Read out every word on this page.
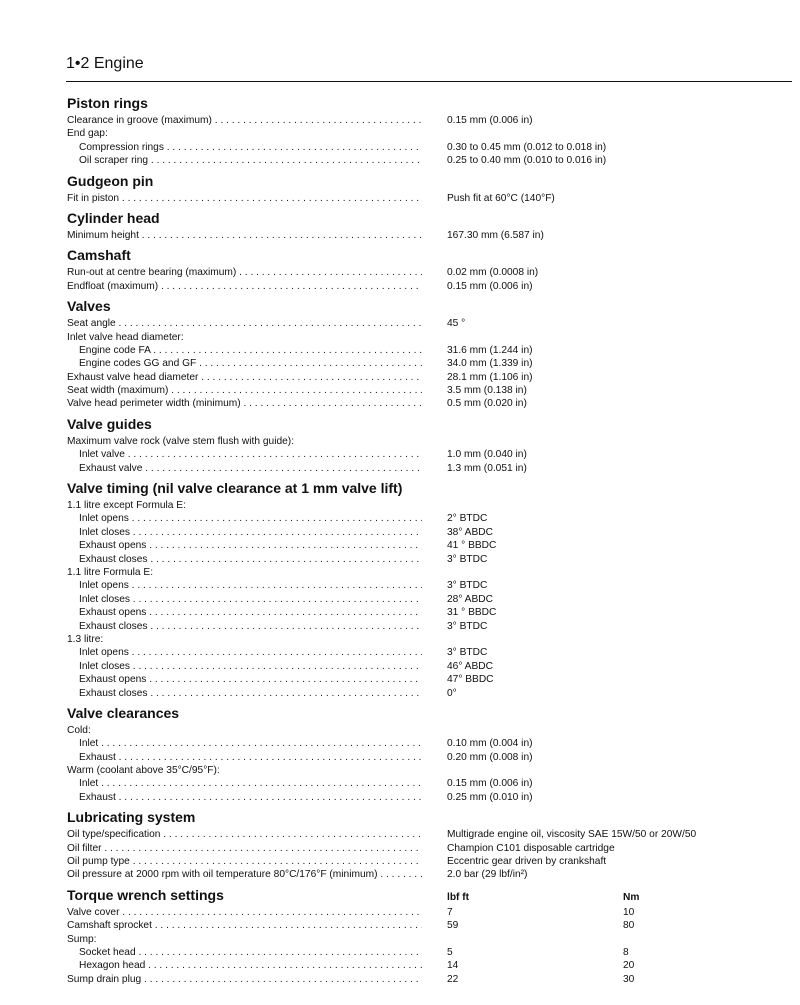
1•2 Engine
Piston rings
Clearance in groove (maximum) . . .	0.15 mm (0.006 in)
End gap:
Compression rings . . .	0.30 to 0.45 mm (0.012 to 0.018 in)
Oil scraper ring . . .	0.25 to 0.40 mm (0.010 to 0.016 in)
Gudgeon pin
Fit in piston . . .	Push fit at 60°C (140°F)
Cylinder head
Minimum height . . .	167.30 mm (6.587 in)
Camshaft
Run-out at centre bearing (maximum) . . .	0.02 mm (0.0008 in)
Endfloat (maximum) . . .	0.15 mm (0.006 in)
Valves
Seat angle . . .	45 °
Inlet valve head diameter:
Engine code FA . . .	31.6 mm (1.244 in)
Engine codes GG and GF . . .	34.0 mm (1.339 in)
Exhaust valve head diameter . . .	28.1 mm (1.106 in)
Seat width (maximum) . . .	3.5 mm (0.138 in)
Valve head perimeter width (minimum) . . .	0.5 mm (0.020 in)
Valve guides
Maximum valve rock (valve stem flush with guide):
Inlet valve . . .	1.0 mm (0.040 in)
Exhaust valve . . .	1.3 mm (0.051 in)
Valve timing (nil valve clearance at 1 mm valve lift)
1.1 litre except Formula E:
Inlet opens . . .	2° BTDC
Inlet closes . . .	38° ABDC
Exhaust opens . . .	41 ° BBDC
Exhaust closes . . .	3° BTDC
1.1 litre Formula E:
Inlet opens . . .	3° BTDC
Inlet closes . . .	28° ABDC
Exhaust opens . . .	31 ° BBDC
Exhaust closes . . .	3° BTDC
1.3 litre:
Inlet opens . . .	3° BTDC
Inlet closes . . .	46° ABDC
Exhaust opens . . .	47° BBDC
Exhaust closes . . .	0°
Valve clearances
Cold:
Inlet . . .	0.10 mm (0.004 in)
Exhaust . . .	0.20 mm (0.008 in)
Warm (coolant above 35°C/95°F):
Inlet . . .	0.15 mm (0.006 in)
Exhaust . . .	0.25 mm (0.010 in)
Lubricating system
Oil type/specification . . .	Multigrade engine oil, viscosity SAE 15W/50 or 20W/50
Oil filter . . .	Champion C101 disposable cartridge
Oil pump type . . .	Eccentric gear driven by crankshaft
Oil pressure at 2000 rpm with oil temperature 80°C/176°F (minimum) . . .	2.0 bar (29 lbf/in²)
Torque wrench settings	lbf ft	Nm
Valve cover . . .	7	10
Camshaft sprocket . . .	59	80
Sump:
Socket head . . .	5	8
Hexagon head . . .	14	20
Sump drain plug . . .	22	30
